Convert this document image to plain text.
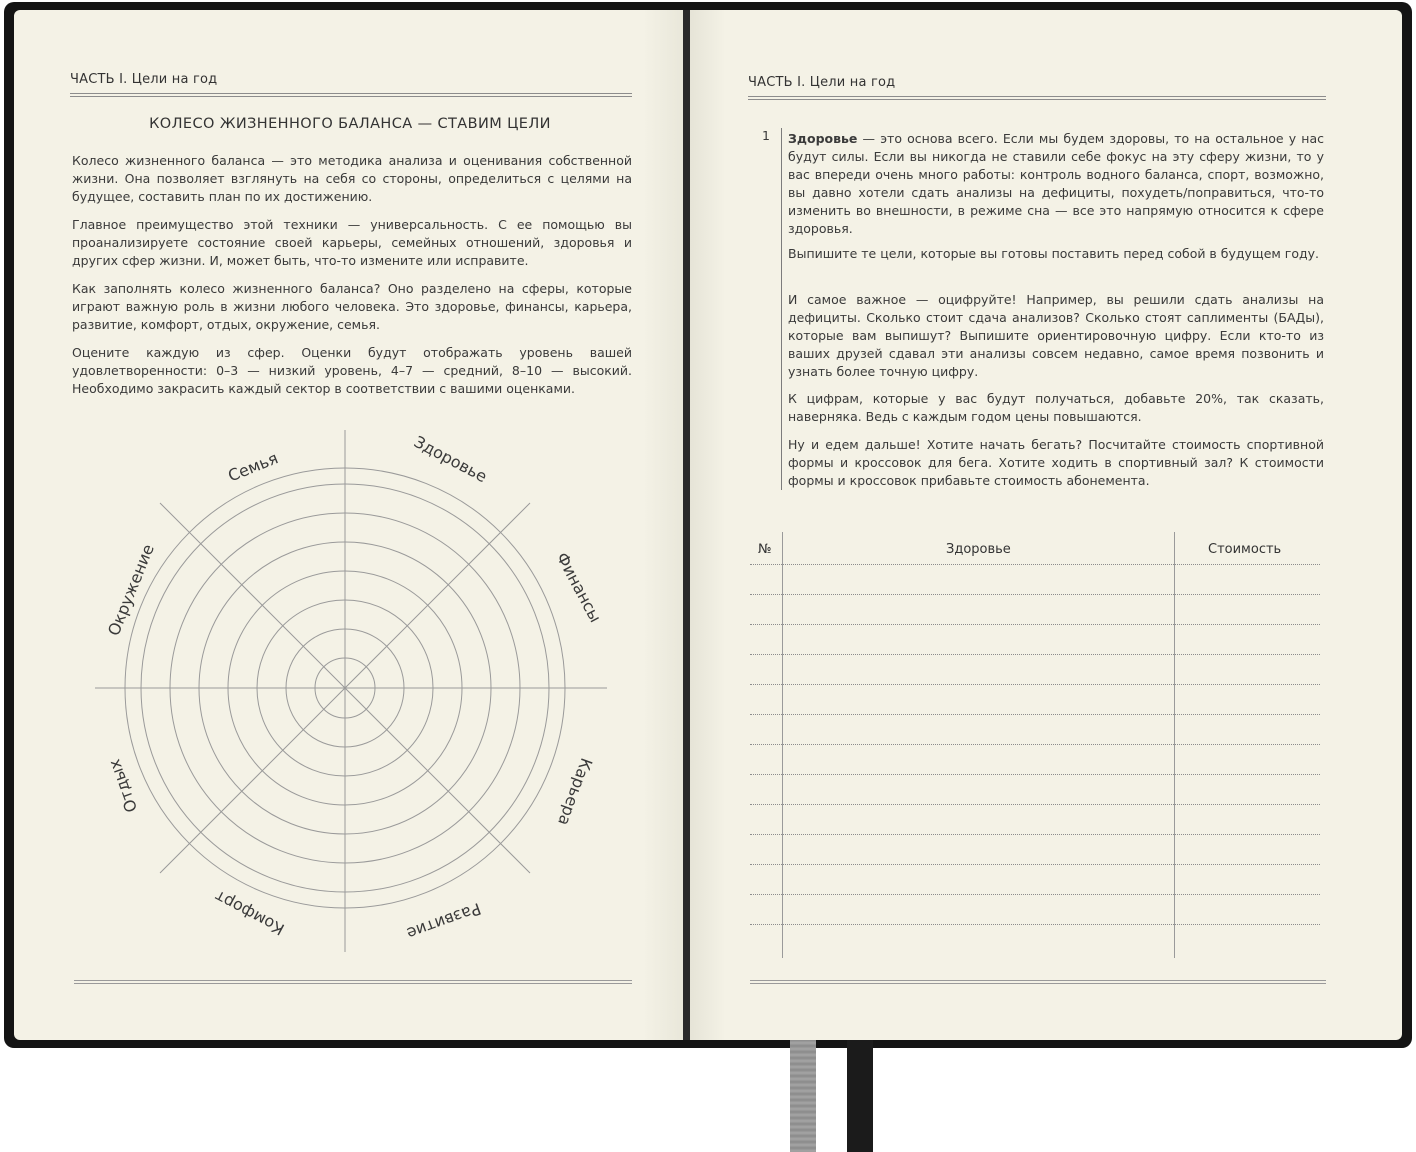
ЧАСТЬ I. Цели на год
КОЛЕСО ЖИЗНЕННОГО БАЛАНСА — СТАВИМ ЦЕЛИ

Колесо жизненного баланса — это методика анализа и оценивания собственной жизни. Она позволяет взглянуть на себя со стороны, определиться с целями на будущее, составить план по их достижению.

Главное преимущество этой техники — универсальность. С ее помощью вы проанализируете состояние своей карьеры, семейных отношений, здоровья и других сфер жизни. И, может быть, что-то измените или исправите.

Как заполнять колесо жизненного баланса? Оно разделено на сферы, которые играют важную роль в жизни любого человека. Это здоровье, финансы, карьера, развитие, комфорт, отдых, окружение, семья.

Оцените каждую из сфер. Оценки будут отображать уровень вашей удовлетворенности: 0–3 — низкий уровень, 4–7 — средний, 8–10 — высокий. Необходимо закрасить каждый сектор в соответствии с вашими оценками.

Семья	Здоровье
Финансы
Карьера
Развитие
Комфорт
Отдых
Окружение
ЧАСТЬ I. Цели на год
1 Здоровье — это основа всего. Если мы будем здоровы, то на остальное у нас будут силы. Если вы никогда не ставили себе фокус на эту сферу жизни, то у вас впереди очень много работы: контроль водного баланса, спорт, возможно, вы давно хотели сдать анализы на дефициты, похудеть/поправиться, что-то изменить во внешности, в режиме сна — все это напрямую относится к сфере здоровья.

Выпишите те цели, которые вы готовы поставить перед собой в будущем году.

И самое важное — оцифруйте! Например, вы решили сдать анализы на дефициты. Сколько стоит сдача анализов? Сколько стоят саплименты (БАДы), которые вам выпишут? Выпишите ориентировочную цифру. Если кто-то из ваших друзей сдавал эти анализы совсем недавно, самое время позвонить и узнать более точную цифру.

К цифрам, которые у вас будут получаться, добавьте 20%, так сказать, наверняка. Ведь с каждым годом цены повышаются.

Ну и едем дальше! Хотите начать бегать? Посчитайте стоимость спортивной формы и кроссовок для бега. Хотите ходить в спортивный зал? К стоимости формы и кроссовок прибавьте стоимость абонемента.

№	Здоровье	Стоимость
